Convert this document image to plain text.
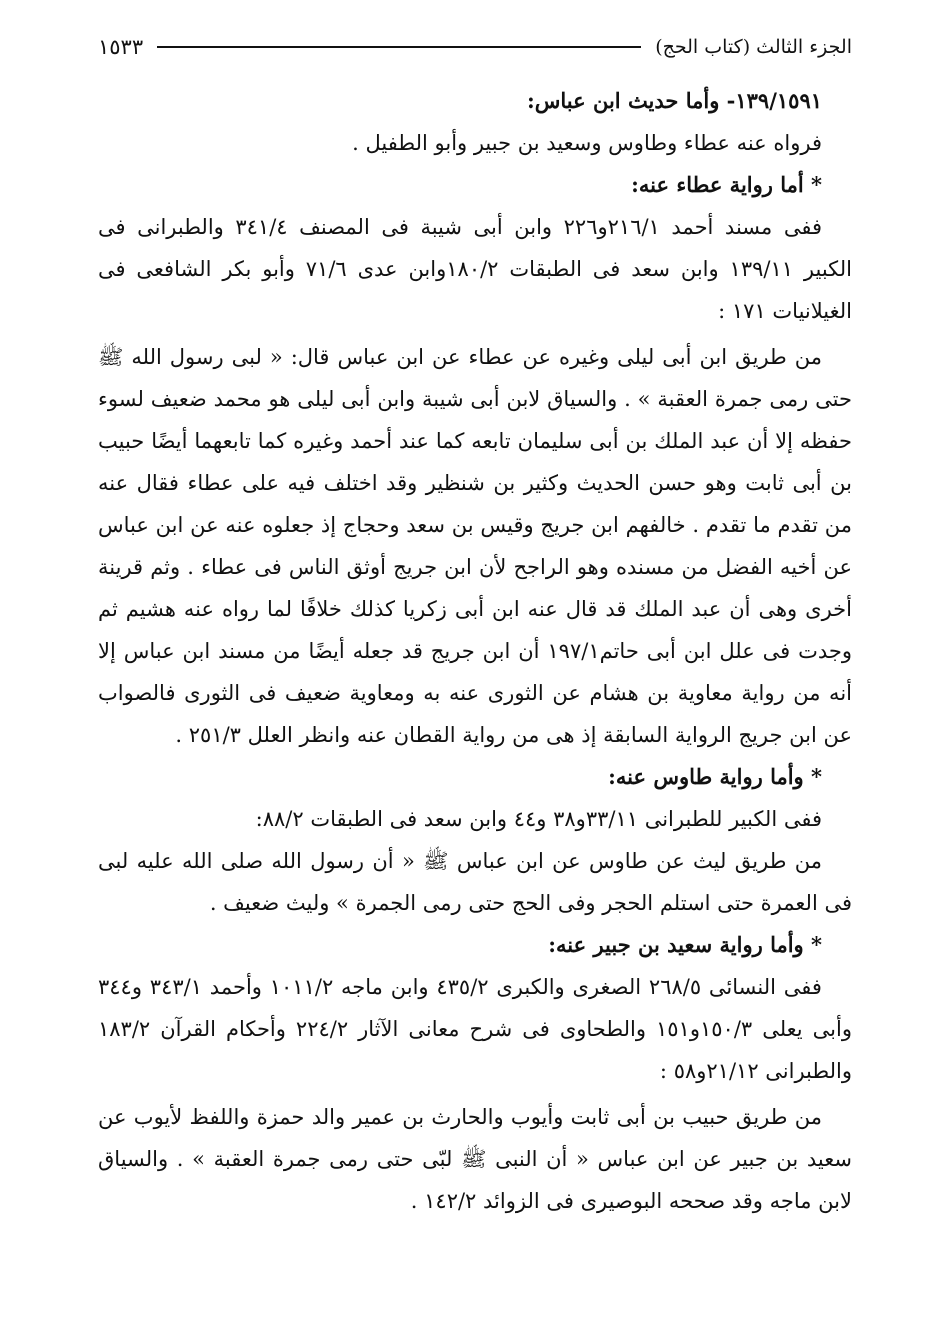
الجزء الثالث (كتاب الحج)
١٥٣٣

١٣٩/١٥٩١- وأما حديث ابن عباس:

فرواه عنه عطاء وطاوس وسعيد بن جبير وأبو الطفيل .

* أما رواية عطاء عنه:

ففى مسند أحمد ٢١٦/١و٢٢٦ وابن أبى شيبة فى المصنف ٣٤١/٤ والطبرانى فى الكبير ١٣٩/١١ وابن سعد فى الطبقات ١٨٠/٢وابن عدى ٧١/٦ وأبو بكر الشافعى فى الغيلانيات ١٧١ :

من طريق ابن أبى ليلى وغيره عن عطاء عن ابن عباس قال: « لبى رسول الله ﷺ حتى رمى جمرة العقبة » . والسياق لابن أبى شيبة وابن أبى ليلى هو محمد ضعيف لسوء حفظه إلا أن عبد الملك بن أبى سليمان تابعه كما عند أحمد وغيره كما تابعهما أيضًا حبيب بن أبى ثابت وهو حسن الحديث وكثير بن شنظير وقد اختلف فيه على عطاء فقال عنه من تقدم ما تقدم . خالفهم ابن جريج وقيس بن سعد وحجاج إذ جعلوه عنه عن ابن عباس عن أخيه الفضل من مسنده وهو الراجح لأن ابن جريج أوثق الناس فى عطاء . وثم قرينة أخرى وهى أن عبد الملك قد قال عنه ابن أبى زكريا كذلك خلافًا لما رواه عنه هشيم ثم وجدت فى علل ابن أبى حاتم١٩٧/١ أن ابن جريج قد جعله أيضًا من مسند ابن عباس إلا أنه من رواية معاوية بن هشام عن الثورى عنه به ومعاوية ضعيف فى الثورى فالصواب عن ابن جريج الرواية السابقة إذ هى من رواية القطان عنه وانظر العلل ٢٥١/٣ .

* وأما رواية طاوس عنه:

ففى الكبير للطبرانى ٣٣/١١و٣٨ و٤٤ وابن سعد فى الطبقات ٨٨/٢:

من طريق ليث عن طاوس عن ابن عباس ﷺ « أن رسول الله صلى الله عليه لبى فى العمرة حتى استلم الحجر وفى الحج حتى رمى الجمرة » وليث ضعيف .

* وأما رواية سعيد بن جبير عنه:

ففى النسائى ٢٦٨/٥ الصغرى والكبرى ٤٣٥/٢ وابن ماجه ١٠١١/٢ وأحمد ٣٤٣/١ و٣٤٤ وأبى يعلى ١٥٠/٣و١٥١ والطحاوى فى شرح معانى الآثار ٢٢٤/٢ وأحكام القرآن ١٨٣/٢ والطبرانى ٢١/١٢و٥٨ :

من طريق حبيب بن أبى ثابت وأيوب والحارث بن عمير والد حمزة واللفظ لأيوب عن سعيد بن جبير عن ابن عباس « أن النبى ﷺ لبّى حتى رمى جمرة العقبة » . والسياق لابن ماجه وقد صححه البوصيرى فى الزوائد ١٤٢/٢ .
